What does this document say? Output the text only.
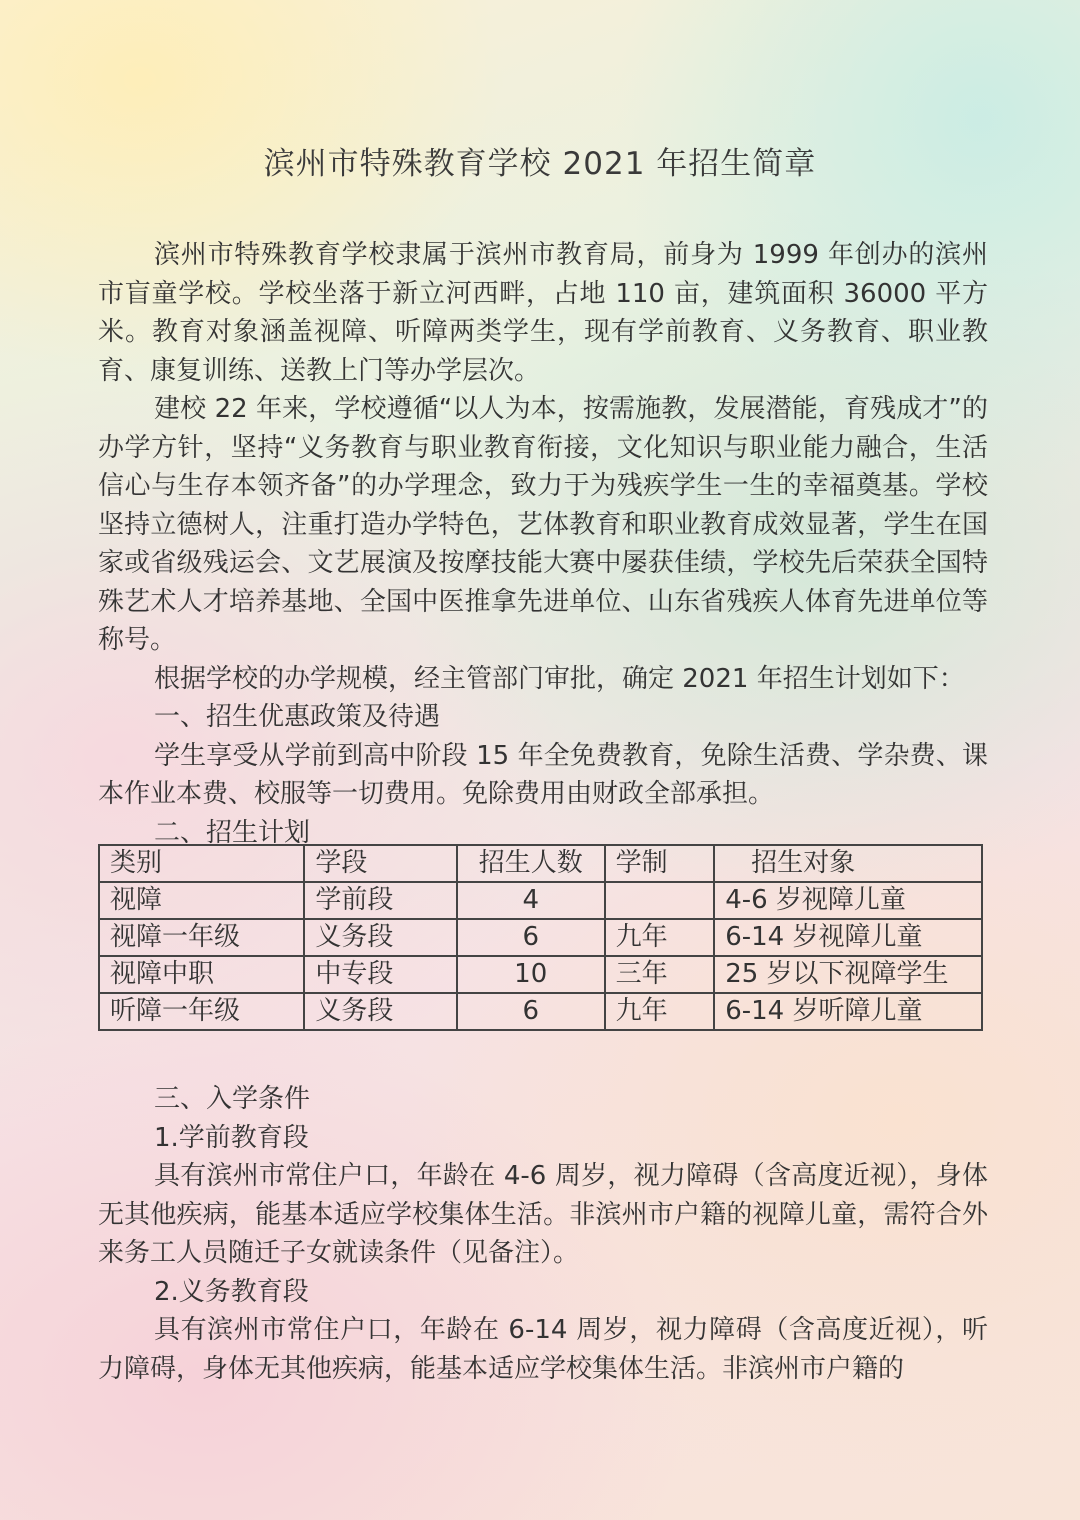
滨州市特殊教育学校 2021 年招生简章

滨州市特殊教育学校隶属于滨州市教育局，前身为 1999 年创办的滨州市盲童学校。学校坐落于新立河西畔，占地 110 亩，建筑面积 36000 平方米。教育对象涵盖视障、听障两类学生，现有学前教育、义务教育、职业教育、康复训练、送教上门等办学层次。

建校 22 年来，学校遵循“以人为本，按需施教，发展潜能，育残成才”的办学方针，坚持“义务教育与职业教育衔接，文化知识与职业能力融合，生活信心与生存本领齐备”的办学理念，致力于为残疾学生一生的幸福奠基。学校坚持立德树人，注重打造办学特色，艺体教育和职业教育成效显著，学生在国家或省级残运会、文艺展演及按摩技能大赛中屡获佳绩，学校先后荣获全国特殊艺术人才培养基地、全国中医推拿先进单位、山东省残疾人体育先进单位等称号。

根据学校的办学规模，经主管部门审批，确定 2021 年招生计划如下：

一、招生优惠政策及待遇

学生享受从学前到高中阶段 15 年全免费教育，免除生活费、学杂费、课本作业本费、校服等一切费用。免除费用由财政全部承担。

二、招生计划

类别	学段	招生人数	学制	招生对象
视障	学前段	4		4-6 岁视障儿童
视障一年级	义务段	6	九年	6-14 岁视障儿童
视障中职	中专段	10	三年	25 岁以下视障学生
听障一年级	义务段	6	九年	6-14 岁听障儿童

三、入学条件

1.学前教育段

具有滨州市常住户口，年龄在 4-6 周岁，视力障碍（含高度近视），身体无其他疾病，能基本适应学校集体生活。非滨州市户籍的视障儿童，需符合外来务工人员随迁子女就读条件（见备注）。

2.义务教育段

具有滨州市常住户口，年龄在 6-14 周岁，视力障碍（含高度近视），听力障碍，身体无其他疾病，能基本适应学校集体生活。非滨州市户籍的
